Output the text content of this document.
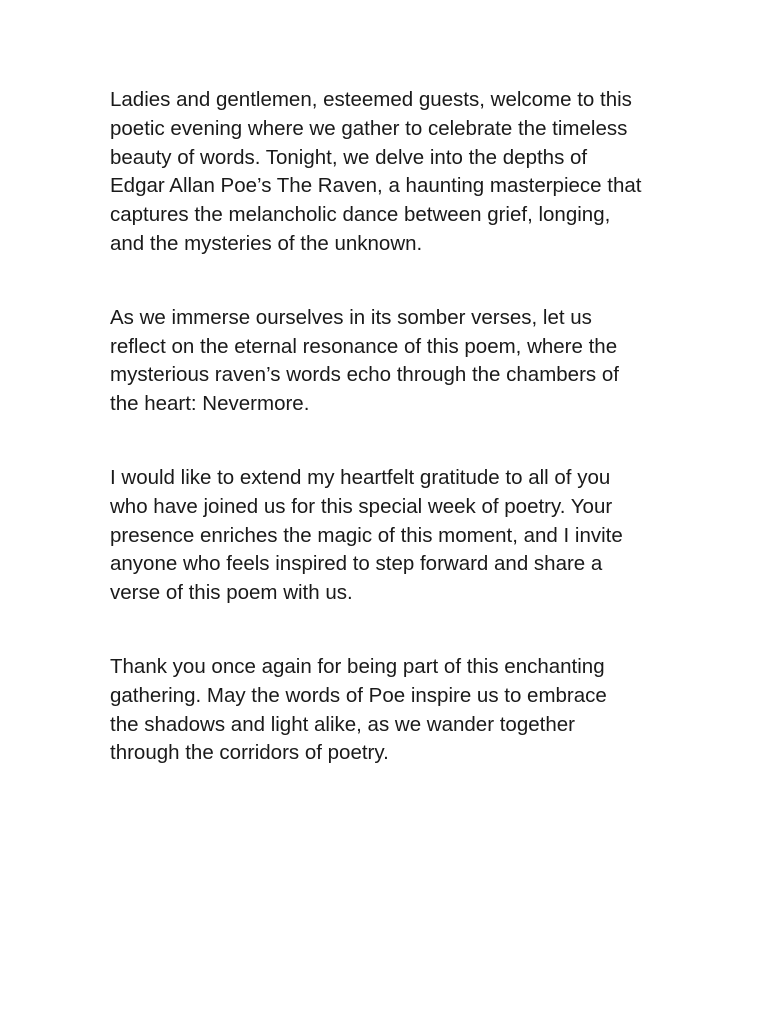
Ladies and gentlemen, esteemed guests, welcome to this
poetic evening where we gather to celebrate the timeless
beauty of words. Tonight, we delve into the depths of
Edgar Allan Poe’s The Raven, a haunting masterpiece that
captures the melancholic dance between grief, longing,
and the mysteries of the unknown.

As we immerse ourselves in its somber verses, let us
reflect on the eternal resonance of this poem, where the
mysterious raven’s words echo through the chambers of
the heart: Nevermore.

I would like to extend my heartfelt gratitude to all of you
who have joined us for this special week of poetry. Your
presence enriches the magic of this moment, and I invite
anyone who feels inspired to step forward and share a
verse of this poem with us.

Thank you once again for being part of this enchanting
gathering. May the words of Poe inspire us to embrace
the shadows and light alike, as we wander together
through the corridors of poetry.
